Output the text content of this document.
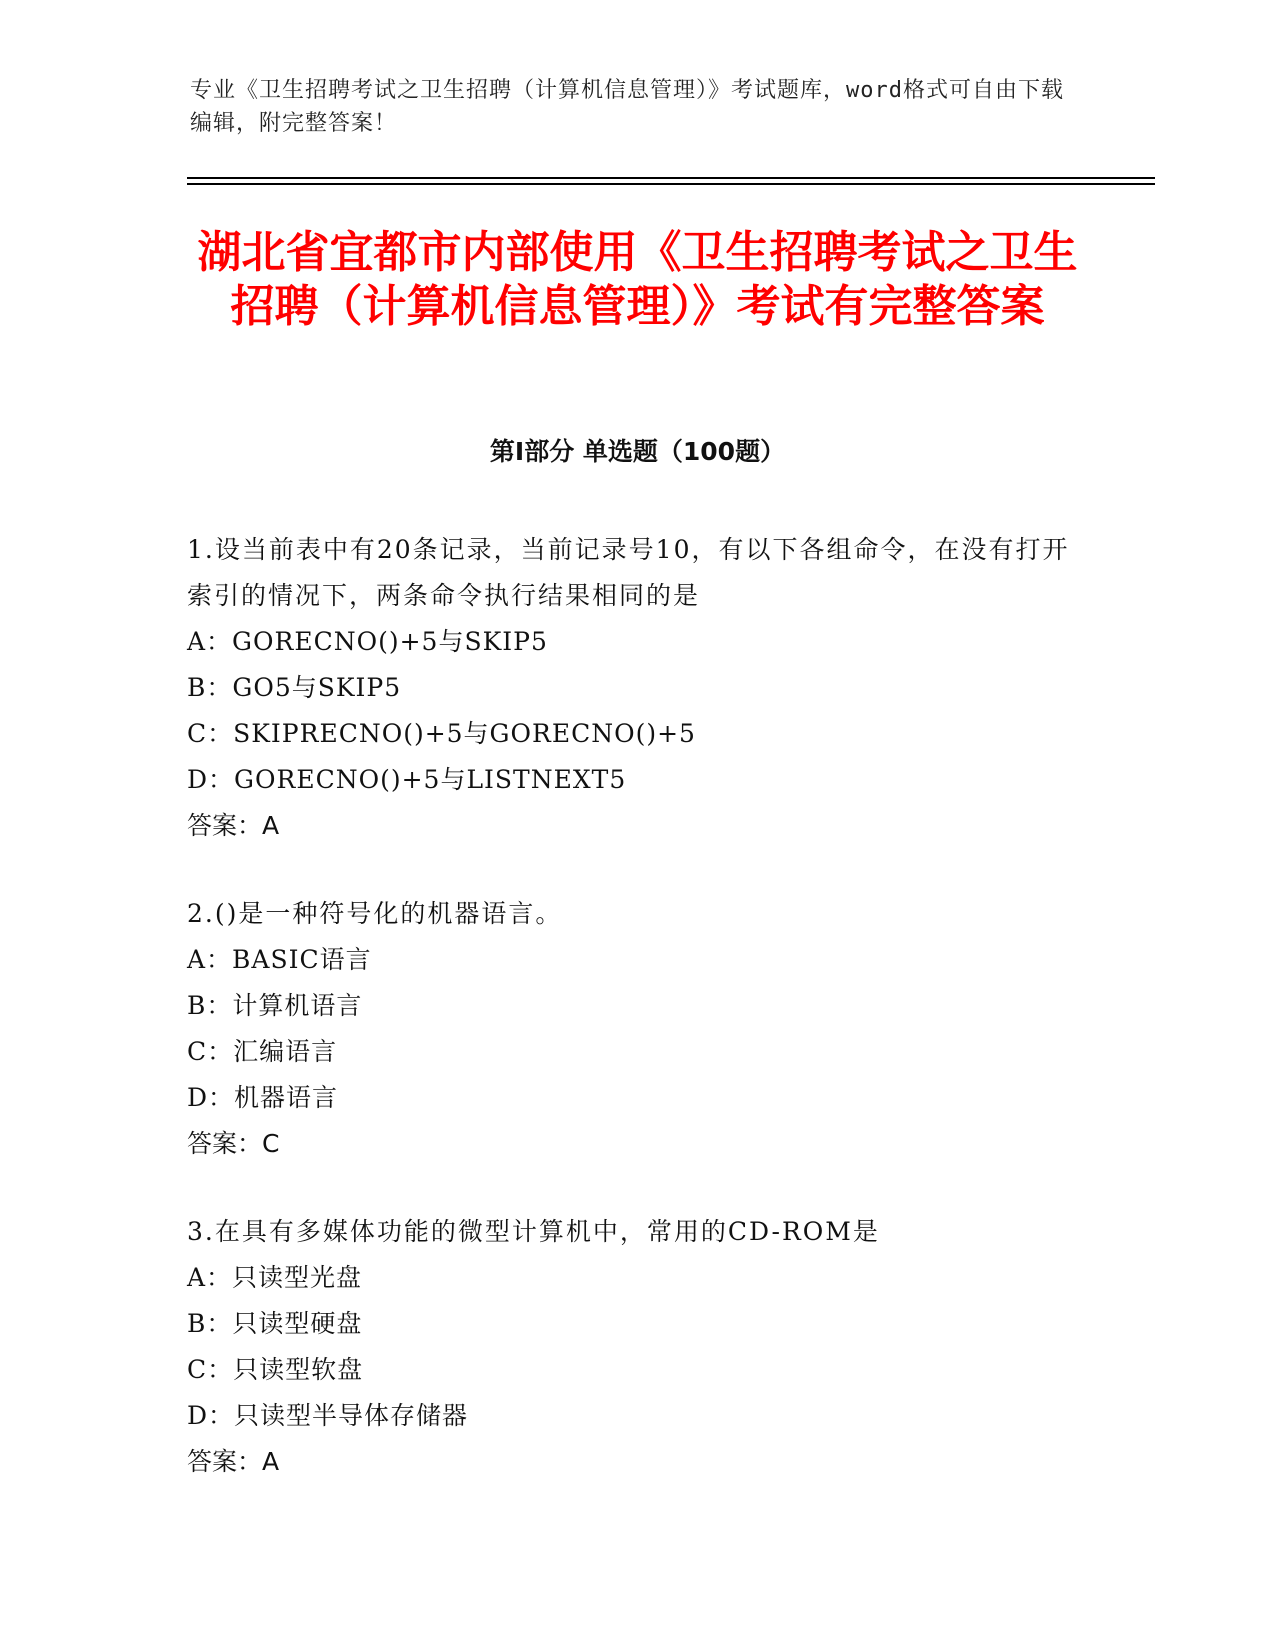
专业《卫生招聘考试之卫生招聘（计算机信息管理）》考试题库，word格式可自由下载编辑，附完整答案！
湖北省宜都市内部使用《卫生招聘考试之卫生招聘（计算机信息管理）》考试有完整答案
第Ⅰ部分 单选题（100题）
1.设当前表中有20条记录，当前记录号10，有以下各组命令，在没有打开索引的情况下，两条命令执行结果相同的是
A：GORECNO()+5与SKIP5
B：GO5与SKIP5
C：SKIPRECNO()+5与GORECNO()+5
D：GORECNO()+5与LISTNEXT5
答案：A
2.()是一种符号化的机器语言。
A：BASIC语言
B：计算机语言
C：汇编语言
D：机器语言
答案：C
3.在具有多媒体功能的微型计算机中，常用的CD-ROM是
A：只读型光盘
B：只读型硬盘
C：只读型软盘
D：只读型半导体存储器
答案：A
